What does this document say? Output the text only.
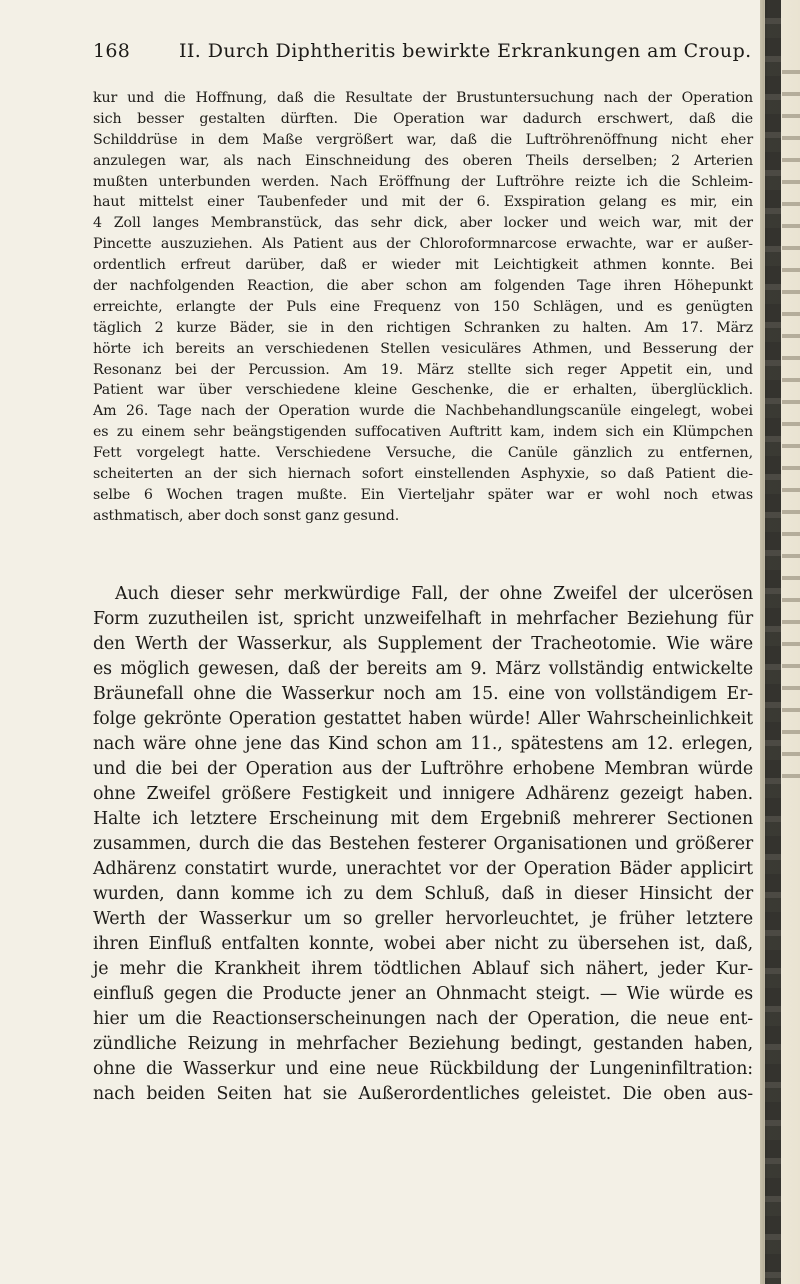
168	II. Durch Diphtheritis bewirkte Erkrankungen am Croup.
kur und die Hoffnung, daß die Resultate der Brustuntersuchung nach der Operation
sich besser gestalten dürften. Die Operation war dadurch erschwert, daß die
Schilddrüse in dem Maße vergrößert war, daß die Luftröhrenöffnung nicht eher
anzulegen war, als nach Einschneidung des oberen Theils derselben; 2 Arterien
mußten unterbunden werden. Nach Eröffnung der Luftröhre reizte ich die Schleim-
haut mittelst einer Taubenfeder und mit der 6. Exspiration gelang es mir, ein
4 Zoll langes Membranstück, das sehr dick, aber locker und weich war, mit der
Pincette auszuziehen. Als Patient aus der Chloroformnarcose erwachte, war er außer-
ordentlich erfreut darüber, daß er wieder mit Leichtigkeit athmen konnte. Bei
der nachfolgenden Reaction, die aber schon am folgenden Tage ihren Höhepunkt
erreichte, erlangte der Puls eine Frequenz von 150 Schlägen, und es genügten
täglich 2 kurze Bäder, sie in den richtigen Schranken zu halten. Am 17. März
hörte ich bereits an verschiedenen Stellen vesiculäres Athmen, und Besserung der
Resonanz bei der Percussion. Am 19. März stellte sich reger Appetit ein, und
Patient war über verschiedene kleine Geschenke, die er erhalten, überglücklich.
Am 26. Tage nach der Operation wurde die Nachbehandlungscanüle eingelegt, wobei
es zu einem sehr beängstigenden suffocativen Auftritt kam, indem sich ein Klümpchen
Fett vorgelegt hatte. Verschiedene Versuche, die Canüle gänzlich zu entfernen,
scheiterten an der sich hiernach sofort einstellenden Asphyxie, so daß Patient die-
selbe 6 Wochen tragen mußte. Ein Vierteljahr später war er wohl noch etwas
asthmatisch, aber doch sonst ganz gesund.
Auch dieser sehr merkwürdige Fall, der ohne Zweifel der ulcerösen
Form zuzutheilen ist, spricht unzweifelhaft in mehrfacher Beziehung für
den Werth der Wasserkur, als Supplement der Tracheotomie. Wie wäre
es möglich gewesen, daß der bereits am 9. März vollständig entwickelte
Bräunefall ohne die Wasserkur noch am 15. eine von vollständigem Er-
folge gekrönte Operation gestattet haben würde! Aller Wahrscheinlichkeit
nach wäre ohne jene das Kind schon am 11., spätestens am 12. erlegen,
und die bei der Operation aus der Luftröhre erhobene Membran würde
ohne Zweifel größere Festigkeit und innigere Adhärenz gezeigt haben.
Halte ich letztere Erscheinung mit dem Ergebniß mehrerer Sectionen
zusammen, durch die das Bestehen festerer Organisationen und größerer
Adhärenz constatirt wurde, unerachtet vor der Operation Bäder applicirt
wurden, dann komme ich zu dem Schluß, daß in dieser Hinsicht der
Werth der Wasserkur um so greller hervorleuchtet, je früher letztere
ihren Einfluß entfalten konnte, wobei aber nicht zu übersehen ist, daß,
je mehr die Krankheit ihrem tödtlichen Ablauf sich nähert, jeder Kur-
einfluß gegen die Producte jener an Ohnmacht steigt. — Wie würde es
hier um die Reactionserscheinungen nach der Operation, die neue ent-
zündliche Reizung in mehrfacher Beziehung bedingt, gestanden haben,
ohne die Wasserkur und eine neue Rückbildung der Lungeninfiltration:
nach beiden Seiten hat sie Außerordentliches geleistet. Die oben aus-
